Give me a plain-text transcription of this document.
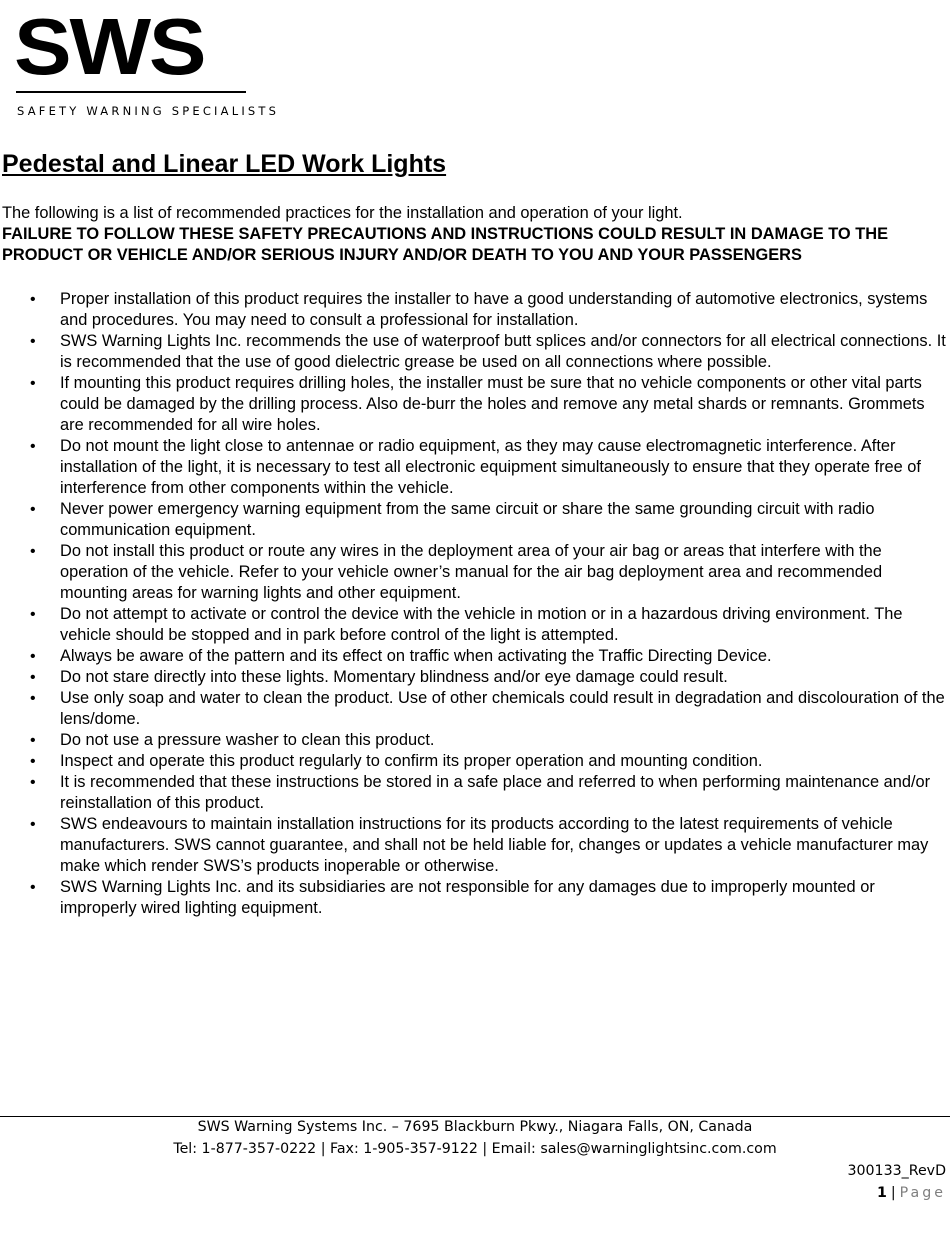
SWS
SAFETY WARNING SPECIALISTS
Pedestal and Linear LED Work Lights
The following is a list of recommended practices for the installation and operation of your light.
FAILURE TO FOLLOW THESE SAFETY PRECAUTIONS AND INSTRUCTIONS COULD RESULT IN DAMAGE TO THE PRODUCT OR VEHICLE AND/OR SERIOUS INJURY AND/OR DEATH TO YOU AND YOUR PASSENGERS
• Proper installation of this product requires the installer to have a good understanding of automotive electronics, systems and procedures. You may need to consult a professional for installation.
• SWS Warning Lights Inc. recommends the use of waterproof butt splices and/or connectors for all electrical connections. It is recommended that the use of good dielectric grease be used on all connections where possible.
• If mounting this product requires drilling holes, the installer must be sure that no vehicle components or other vital parts could be damaged by the drilling process. Also de-burr the holes and remove any metal shards or remnants. Grommets are recommended for all wire holes.
• Do not mount the light close to antennae or radio equipment, as they may cause electromagnetic interference. After installation of the light, it is necessary to test all electronic equipment simultaneously to ensure that they operate free of interference from other components within the vehicle.
• Never power emergency warning equipment from the same circuit or share the same grounding circuit with radio communication equipment.
• Do not install this product or route any wires in the deployment area of your air bag or areas that interfere with the operation of the vehicle. Refer to your vehicle owner’s manual for the air bag deployment area and recommended mounting areas for warning lights and other equipment.
• Do not attempt to activate or control the device with the vehicle in motion or in a hazardous driving environment. The vehicle should be stopped and in park before control of the light is attempted.
• Always be aware of the pattern and its effect on traffic when activating the Traffic Directing Device.
• Do not stare directly into these lights. Momentary blindness and/or eye damage could result.
• Use only soap and water to clean the product. Use of other chemicals could result in degradation and discolouration of the lens/dome.
• Do not use a pressure washer to clean this product.
• Inspect and operate this product regularly to confirm its proper operation and mounting condition.
• It is recommended that these instructions be stored in a safe place and referred to when performing maintenance and/or reinstallation of this product.
• SWS endeavours to maintain installation instructions for its products according to the latest requirements of vehicle manufacturers. SWS cannot guarantee, and shall not be held liable for, changes or updates a vehicle manufacturer may make which render SWS’s products inoperable or otherwise.
• SWS Warning Lights Inc. and its subsidiaries are not responsible for any damages due to improperly mounted or improperly wired lighting equipment.
SWS Warning Systems Inc. – 7695 Blackburn Pkwy., Niagara Falls, ON, Canada
Tel: 1-877-357-0222 | Fax: 1-905-357-9122 | Email: sales@warninglightsinc.com.com
300133_RevD
1 | Page
